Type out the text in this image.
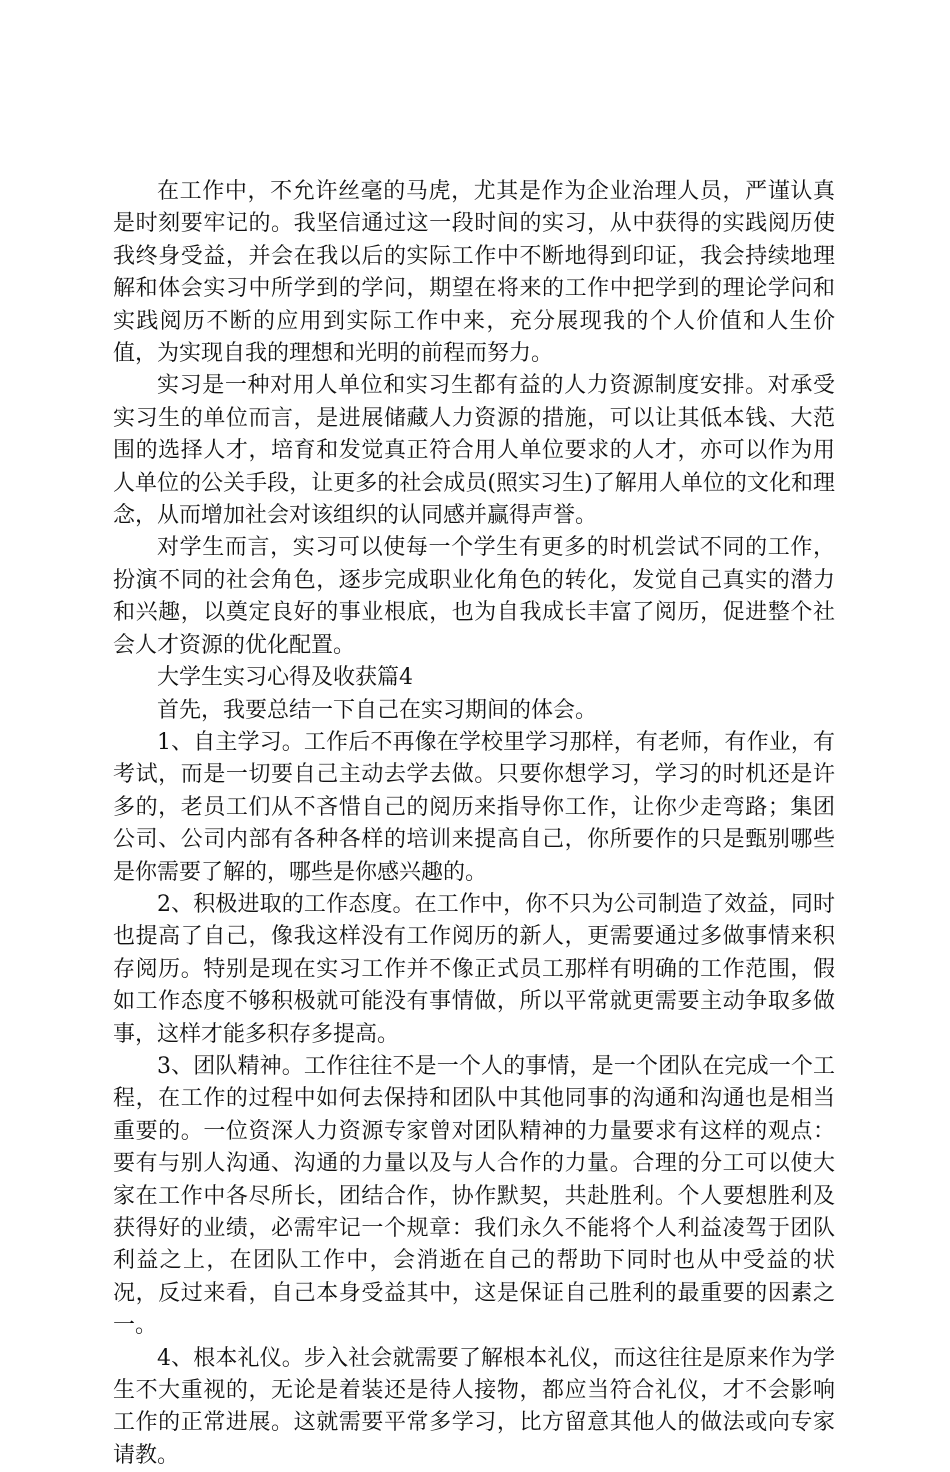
在工作中，不允许丝毫的马虎，尤其是作为企业治理人员，严谨认真是时刻要牢记的。我坚信通过这一段时间的实习，从中获得的实践阅历使我终身受益，并会在我以后的实际工作中不断地得到印证，我会持续地理解和体会实习中所学到的学问，期望在将来的工作中把学到的理论学问和实践阅历不断的应用到实际工作中来，充分展现我的个人价值和人生价值，为实现自我的理想和光明的前程而努力。

实习是一种对用人单位和实习生都有益的人力资源制度安排。对承受实习生的单位而言，是进展储藏人力资源的措施，可以让其低本钱、大范围的选择人才，培育和发觉真正符合用人单位要求的人才，亦可以作为用人单位的公关手段，让更多的社会成员(照实习生)了解用人单位的文化和理念，从而增加社会对该组织的认同感并赢得声誉。

对学生而言，实习可以使每一个学生有更多的时机尝试不同的工作，扮演不同的社会角色，逐步完成职业化角色的转化，发觉自己真实的潜力和兴趣，以奠定良好的事业根底，也为自我成长丰富了阅历，促进整个社会人才资源的优化配置。

大学生实习心得及收获篇4

首先，我要总结一下自己在实习期间的体会。

1、自主学习。工作后不再像在学校里学习那样，有老师，有作业，有考试，而是一切要自己主动去学去做。只要你想学习，学习的时机还是许多的，老员工们从不吝惜自己的阅历来指导你工作，让你少走弯路；集团公司、公司内部有各种各样的培训来提高自己，你所要作的只是甄别哪些是你需要了解的，哪些是你感兴趣的。

2、积极进取的工作态度。在工作中，你不只为公司制造了效益，同时也提高了自己，像我这样没有工作阅历的新人，更需要通过多做事情来积存阅历。特别是现在实习工作并不像正式员工那样有明确的工作范围，假如工作态度不够积极就可能没有事情做，所以平常就更需要主动争取多做事，这样才能多积存多提高。

3、团队精神。工作往往不是一个人的事情，是一个团队在完成一个工程，在工作的过程中如何去保持和团队中其他同事的沟通和沟通也是相当重要的。一位资深人力资源专家曾对团队精神的力量要求有这样的观点：要有与别人沟通、沟通的力量以及与人合作的力量。合理的分工可以使大家在工作中各尽所长，团结合作，协作默契，共赴胜利。个人要想胜利及获得好的业绩，必需牢记一个规章：我们永久不能将个人利益凌驾于团队利益之上，在团队工作中，会消逝在自己的帮助下同时也从中受益的状况，反过来看，自己本身受益其中，这是保证自己胜利的最重要的因素之一。

4、根本礼仪。步入社会就需要了解根本礼仪，而这往往是原来作为学生不大重视的，无论是着装还是待人接物，都应当符合礼仪，才不会影响工作的正常进展。这就需要平常多学习，比方留意其他人的做法或向专家请教。
